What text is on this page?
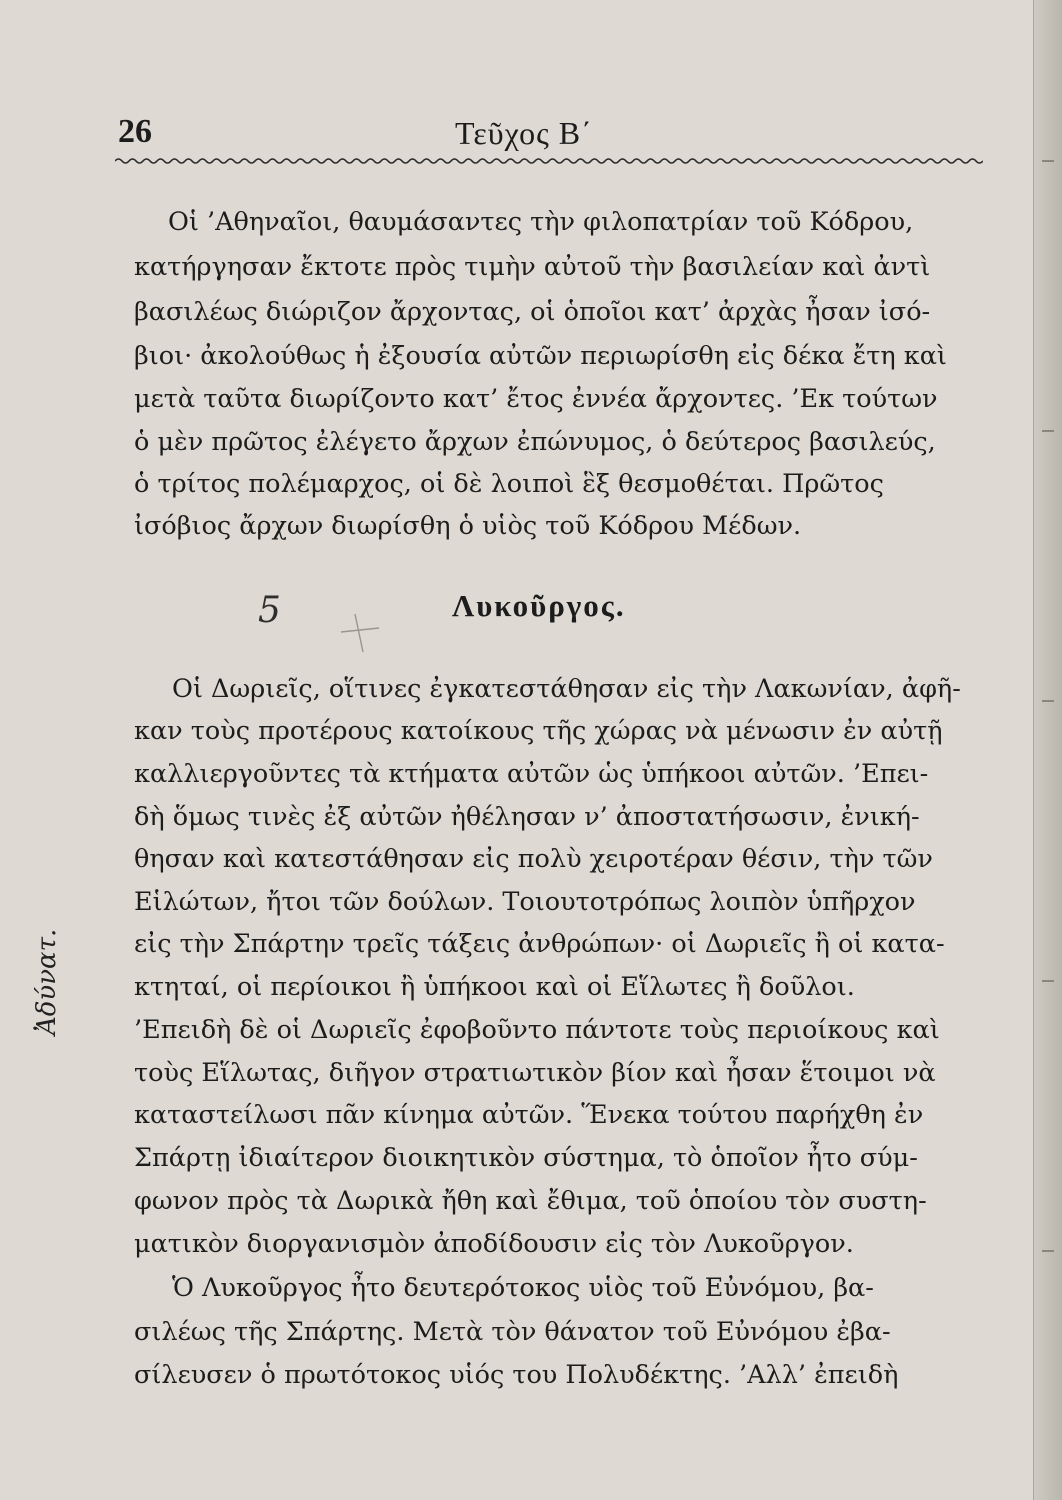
26	Τεῦχος Β΄
Οἱ ’Αθηναῖοι, θαυμάσαντες τὴν φιλοπατρίαν τοῦ Κόδρου,
κατήργησαν ἔκτοτε πρὸς τιμὴν αὐτοῦ τὴν βασιλείαν καὶ ἀντὶ
βασιλέως διώριζον ἄρχοντας, οἱ ὁποῖοι κατ’ ἀρχὰς ἦσαν ἰσό-
βιοι· ἀκολούθως ἡ ἐξουσία αὐτῶν περιωρίσθη εἰς δέκα ἔτη καὶ
μετὰ ταῦτα διωρίζοντο κατ’ ἔτος ἐννέα ἄρχοντες. ’Εκ τούτων
ὁ μὲν πρῶτος ἐλέγετο ἄρχων ἐπώνυμος, ὁ δεύτερος βασιλεύς,
ὁ τρίτος πολέμαρχος, οἱ δὲ λοιποὶ ἓξ θεσμοθέται. Πρῶτος
ἰσόβιος ἄρχων διωρίσθη ὁ υἱὸς τοῦ Κόδρου Μέδων.
5	Λυκοῦργος.
Οἱ Δωριεῖς, οἵτινες ἐγκατεστάθησαν εἰς τὴν Λακωνίαν, ἀφῆ-
καν τοὺς προτέρους κατοίκους τῆς χώρας νὰ μένωσιν ἐν αὐτῇ
καλλιεργοῦντες τὰ κτήματα αὐτῶν ὡς ὑπήκοοι αὐτῶν. ’Επει-
δὴ ὅμως τινὲς ἐξ αὐτῶν ἠθέλησαν ν’ ἀποστατήσωσιν, ἐνική-
θησαν καὶ κατεστάθησαν εἰς πολὺ χειροτέραν θέσιν, τὴν τῶν
Εἱλώτων, ἤτοι τῶν δούλων. Τοιουτοτρόπως λοιπὸν ὑπῆρχον
εἰς τὴν Σπάρτην τρεῖς τάξεις ἀνθρώπων· οἱ Δωριεῖς ἢ οἱ κατα-
κτηταί, οἱ περίοικοι ἢ ὑπήκοοι καὶ οἱ Εἵλωτες ἢ δοῦλοι.
’Επειδὴ δὲ οἱ Δωριεῖς ἐφοβοῦντο πάντοτε τοὺς περιοίκους καὶ
τοὺς Εἵλωτας, διῆγον στρατιωτικὸν βίον καὶ ἦσαν ἕτοιμοι νὰ
καταστείλωσι πᾶν κίνημα αὐτῶν. Ἕνεκα τούτου παρήχθη ἐν
Σπάρτῃ ἰδιαίτερον διοικητικὸν σύστημα, τὸ ὁποῖον ἦτο σύμ-
φωνον πρὸς τὰ Δωρικὰ ἤθη καὶ ἔθιμα, τοῦ ὁποίου τὸν συστη-
ματικὸν διοργανισμὸν ἀποδίδουσιν εἰς τὸν Λυκοῦργον.
Ὁ Λυκοῦργος ἦτο δευτερότοκος υἱὸς τοῦ Εὐνόμου, βα-
σιλέως τῆς Σπάρτης. Μετὰ τὸν θάνατον τοῦ Εὐνόμου ἐβα-
σίλευσεν ὁ πρωτότοκος υἱός του Πολυδέκτης. ’Αλλ’ ἐπειδὴ
Ἀδύνατ.
